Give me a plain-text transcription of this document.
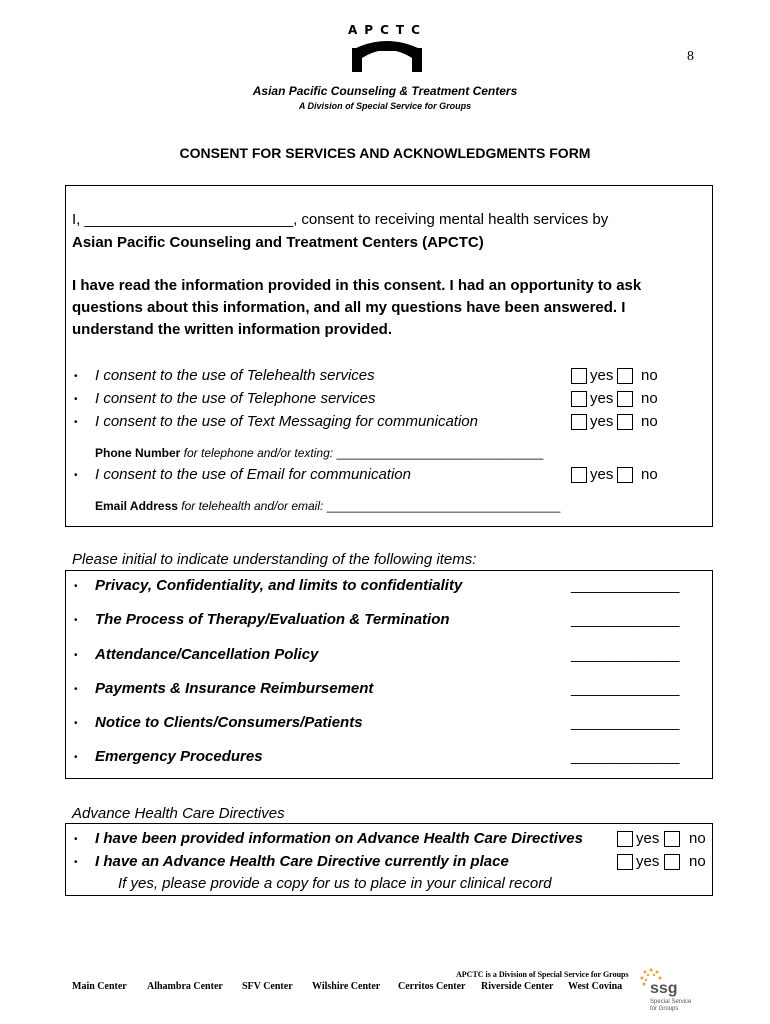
APCTC
8
Asian Pacific Counseling & Treatment Centers
A Division of Special Service for Groups
CONSENT FOR SERVICES AND ACKNOWLEDGMENTS FORM
I, _________________________, consent to receiving mental health services by
Asian Pacific Counseling and Treatment Centers (APCTC)
I have read the information provided in this consent. I had an opportunity to ask
questions about this information, and all my questions have been answered. I
understand the written information provided.
• I consent to the use of Telehealth services	yes no
• I consent to the use of Telephone services	yes no
• I consent to the use of Text Messaging for communication	yes no
Phone Number for telephone and/or texting: _______________________________
• I consent to the use of Email for communication	yes no
Email Address for telehealth and/or email: ___________________________________
Please initial to indicate understanding of the following items:
• Privacy, Confidentiality, and limits to confidentiality	_____________
• The Process of Therapy/Evaluation & Termination	_____________
• Attendance/Cancellation Policy	_____________
• Payments & Insurance Reimbursement	_____________
• Notice to Clients/Consumers/Patients	_____________
• Emergency Procedures	_____________
Advance Health Care Directives
• I have been provided information on Advance Health Care Directives	yes no
• I have an Advance Health Care Directive currently in place	yes no
If yes, please provide a copy for us to place in your clinical record
APCTC is a Division of Special Service for Groups
Main Center Alhambra Center SFV Center Wilshire Center Cerritos Center Riverside Center West Covina ssg
Special Service
for Groups
